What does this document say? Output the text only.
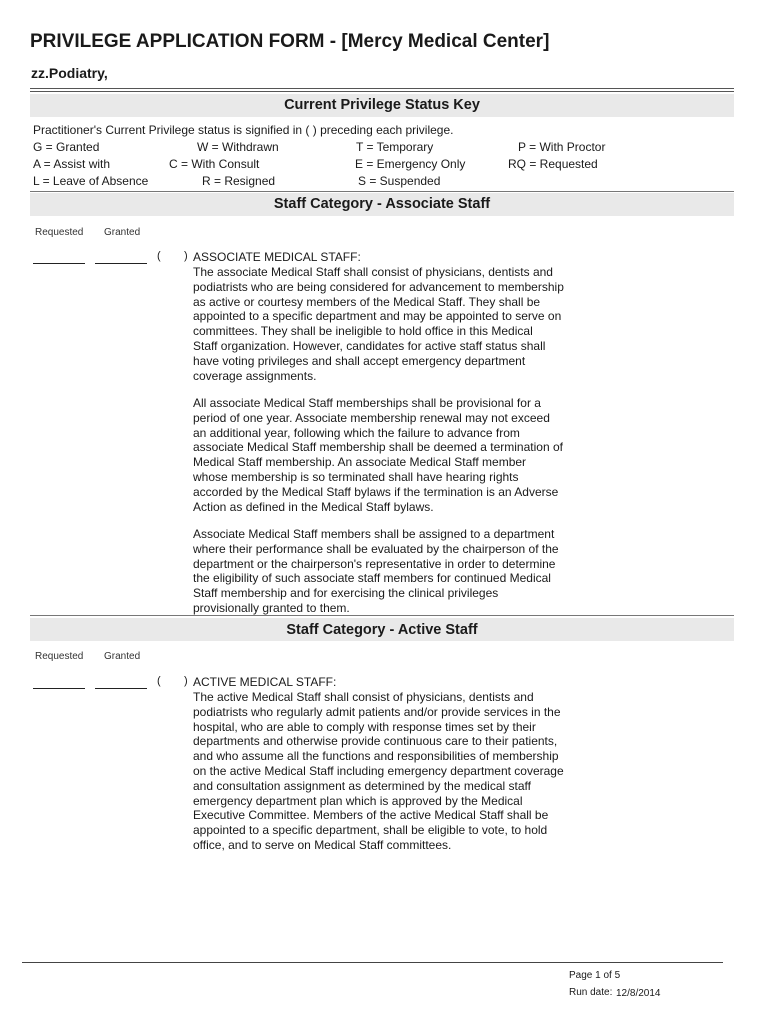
PRIVILEGE APPLICATION FORM - [Mercy Medical Center]
zz.Podiatry,
Current Privilege Status Key
Practitioner's Current Privilege status is signified in ( ) preceding each privilege.
G = Granted
A = Assist with
L = Leave of Absence
W = Withdrawn
C = With Consult
R = Resigned
T = Temporary
E = Emergency Only
S = Suspended
P = With Proctor
RQ = Requested
Staff Category - Associate Staff
Requested Granted
( ) ASSOCIATE MEDICAL STAFF:
The associate Medical Staff shall consist of physicians, dentists and
podiatrists who are being considered for advancement to membership
as active or courtesy members of the Medical Staff. They shall be
appointed to a specific department and may be appointed to serve on
committees. They shall be ineligible to hold office in this Medical
Staff organization. However, candidates for active staff status shall
have voting privileges and shall accept emergency department
coverage assignments.
All associate Medical Staff memberships shall be provisional for a
period of one year. Associate membership renewal may not exceed
an additional year, following which the failure to advance from
associate Medical Staff membership shall be deemed a termination of
Medical Staff membership. An associate Medical Staff member
whose membership is so terminated shall have hearing rights
accorded by the Medical Staff bylaws if the termination is an Adverse
Action as defined in the Medical Staff bylaws.
Associate Medical Staff members shall be assigned to a department
where their performance shall be evaluated by the chairperson of the
department or the chairperson's representative in order to determine
the eligibility of such associate staff members for continued Medical
Staff membership and for exercising the clinical privileges
provisionally granted to them.
Staff Category - Active Staff
Requested Granted
( ) ACTIVE MEDICAL STAFF:
The active Medical Staff shall consist of physicians, dentists and
podiatrists who regularly admit patients and/or provide services in the
hospital, who are able to comply with response times set by their
departments and otherwise provide continuous care to their patients,
and who assume all the functions and responsibilities of membership
on the active Medical Staff including emergency department coverage
and consultation assignment as determined by the medical staff
emergency department plan which is approved by the Medical
Executive Committee. Members of the active Medical Staff shall be
appointed to a specific department, shall be eligible to vote, to hold
office, and to serve on Medical Staff committees.
Page 1 of 5
Run date: 12/8/2014
